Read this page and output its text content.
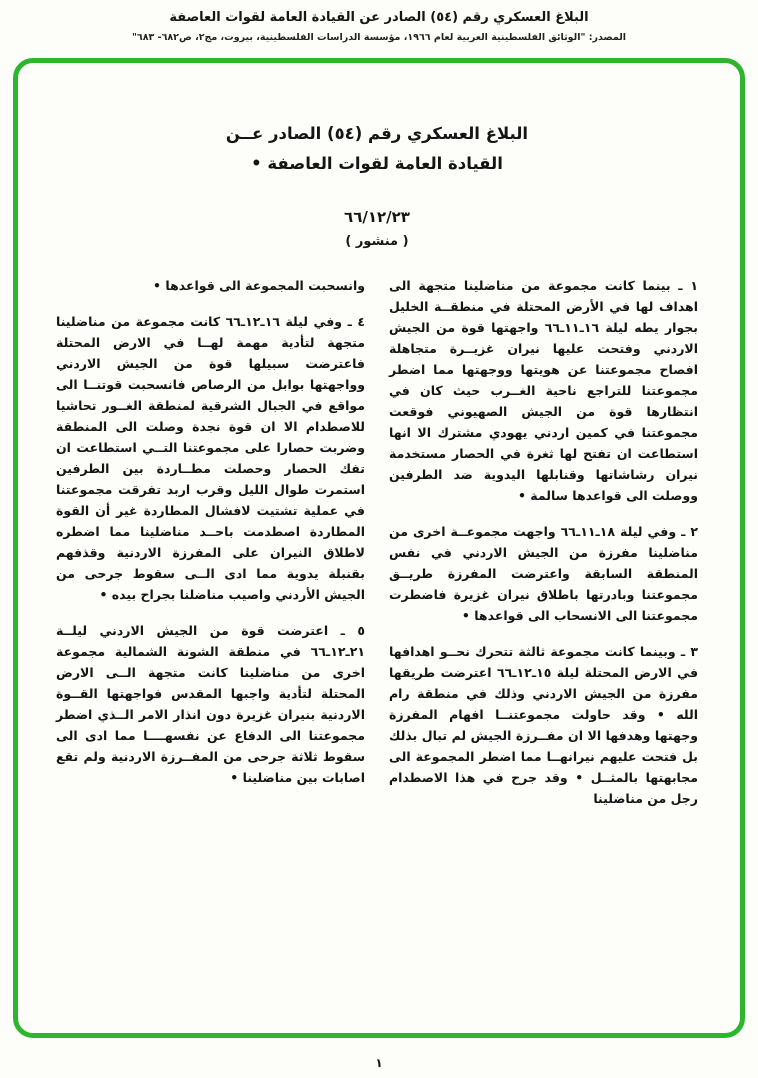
البلاغ العسكري رقم (٥٤) الصادر عن القيادة العامة لقوات العاصفة
المصدر: "الوثائق الفلسطينية العربية لعام ١٩٦٦، مؤسسة الدراسات الفلسطينية، بيروت، مج٢، ص٦٨٢- ٦٨٣"
البلاغ العسكري رقم (٥٤) الصادر عــن
القيادة العامة لقوات العاصفة •
٦٦/١٢/٢٣
( منشور )

١ ـ بينما كانت مجموعة من مناضلينا متجهة الى اهداف لها في الأرض المحتلة في منطقــة الخليل بجوار يطه ليلة ١٦ـ١١ـ٦٦ واجهتها قوة من الجيش الاردني وفتحت عليها نيران غزيــرة متجاهلة افصاح مجموعتنا عن هويتها ووجهتها مما اضطر مجموعتنا للتراجع ناحية الغــرب حيث كان في انتظارها قوة من الجيش الصهيوني فوقعت مجموعتنا في كمين اردني يهودي مشترك الا انها استطاعت ان تفتح لها ثغرة في الحصار مستخدمة نيران رشاشاتها وقنابلها اليدوية ضد الطرفين ووصلت الى قواعدها سالمة •

٢ ـ وفي ليلة ١٨ـ١١ـ٦٦ واجهت مجموعــة اخرى من مناضلينا مفرزة من الجيش الاردني في نفس المنطقة السابقة واعترضت المفرزة طريــق مجموعتنا وبادرتها باطلاق نيران غزيرة فاضطرت مجموعتنا الى الانسحاب الى قواعدها •

٣ ـ وبينما كانت مجموعة ثالثة تتحرك نحــو اهدافها في الارض المحتلة ليلة ١٥ـ١٢ـ٦٦ اعترضت طريقها مفرزة من الجيش الاردني وذلك في منطقة رام الله • وقد حاولت مجموعتنــا افهام المفرزة وجهتها وهدفها الا ان مفــرزة الجيش لم تبال بذلك بل فتحت عليهم نيرانهــا مما اضطر المجموعة الى مجابهتها بالمثــل • وقد جرح في هذا الاصطدام رجل من مناضلينا

وانسحبت المجموعة الى قواعدها •

٤ ـ وفي ليلة ١٦ـ١٢ـ٦٦ كانت مجموعة من مناضلينا متجهة لتأدية مهمة لهــا في الارض المحتلة فاعترضت سبيلها قوة من الجيش الاردني وواجهتها بوابل من الرصاص فانسحبت قوتنــا الى مواقع في الجبال الشرقية لمنطقة الغــور تحاشيا للاصطدام الا ان قوة نجدة وصلت الى المنطقة وضربت حصارا على مجموعتنا التــي استطاعت ان تفك الحصار وحصلت مطــاردة بين الطرفين استمرت طوال الليل وقرب اربد تفرقت مجموعتنا في عملية تشتيت لافشال المطاردة غير أن القوة المطاردة اصطدمت باحــد مناضلينا مما اضطره لاطلاق النيران على المفرزة الاردنية وقذفهم بقنبلة يدوية مما ادى الــى سقوط جرحى من الجيش الأردني واصيب مناضلنا بجراح بيده •

٥ ـ اعترضت قوة من الجيش الاردني ليلــة ٢١ـ١٢ـ٦٦ في منطقة الشونة الشمالية مجموعة اخرى من مناضلينا كانت متجهة الــى الارض المحتلة لتأدية واجبها المقدس فواجهتها القــوة الاردنية بنيران غزيرة دون انذار الامر الــذي اضطر مجموعتنا الى الدفاع عن نفسهــــا مما ادى الى سقوط ثلاثة جرحى من المفــرزة الاردنية ولم تقع اصابات بين مناضلينا •

١
